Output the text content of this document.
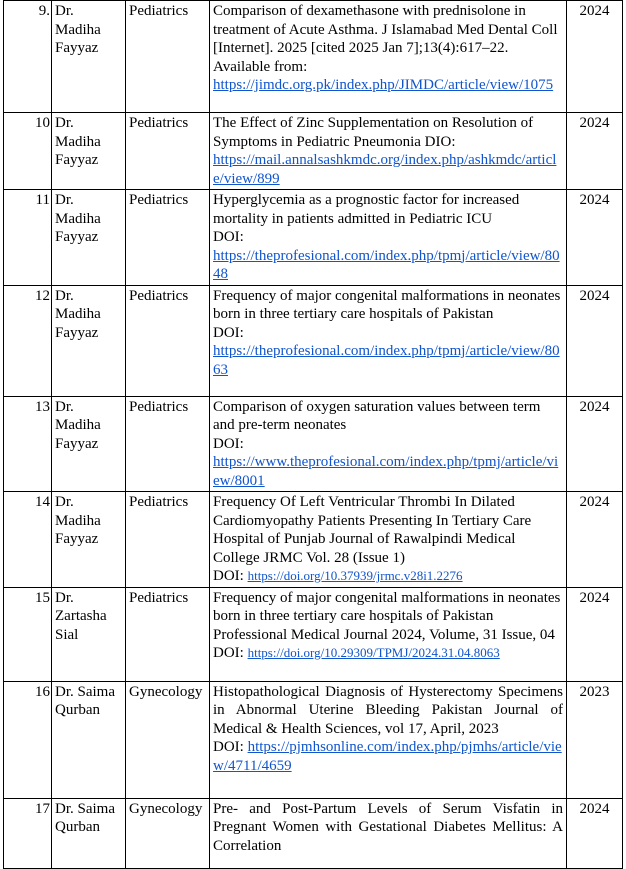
9.	Dr. Madiha Fayyaz	Pediatrics	Comparison of dexamethasone with prednisolone in treatment of Acute Asthma. J Islamabad Med Dental Coll [Internet]. 2025 [cited 2025 Jan 7];13(4):617–22. Available from:

https://jimdc.org.pk/index.php/JIMDC/article/view/1075	2024
10	Dr. Madiha Fayyaz	Pediatrics	The Effect of Zinc Supplementation on Resolution of Symptoms in Pediatric Pneumonia DIO:

https://mail.annalsashkmdc.org/index.php/ashkmdc/article/view/899	2024
11	Dr. Madiha Fayyaz	Pediatrics	Hyperglycemia as a prognostic factor for increased mortality in patients admitted in Pediatric ICU

DOI:

https://theprofesional.com/index.php/tpmj/article/view/8048	2024
12	Dr. Madiha Fayyaz	Pediatrics	Frequency of major congenital malformations in neonates born in three tertiary care hospitals of Pakistan

DOI:

https://theprofesional.com/index.php/tpmj/article/view/8063	2024
13	Dr. Madiha Fayyaz	Pediatrics	Comparison of oxygen saturation values between term and pre-term neonates

DOI:

https://www.theprofesional.com/index.php/tpmj/article/view/8001	2024
14	Dr. Madiha Fayyaz	Pediatrics	Frequency Of Left Ventricular Thrombi In Dilated Cardiomyopathy Patients Presenting In Tertiary Care Hospital of Punjab Journal of Rawalpindi Medical College JRMC Vol. 28 (Issue 1)

DOI: https://doi.org/10.37939/jrmc.v28i1.2276	2024
15	Dr. Zartasha Sial	Pediatrics	Frequency of major congenital malformations in neonates born in three tertiary care hospitals of Pakistan Professional Medical Journal 2024, Volume, 31 Issue, 04

DOI: https://doi.org/10.29309/TPMJ/2024.31.04.8063	2024
16	Dr. Saima Qurban	Gynecology	Histopathological Diagnosis of Hysterectomy Specimens in Abnormal Uterine Bleeding Pakistan Journal of Medical & Health Sciences, vol 17, April, 2023

DOI: https://pjmhsonline.com/index.php/pjmhs/article/view/4711/4659	2023
17	Dr. Saima Qurban	Gynecology	Pre- and Post-Partum Levels of Serum Visfatin in Pregnant Women with Gestational Diabetes Mellitus: A Correlation	2024
